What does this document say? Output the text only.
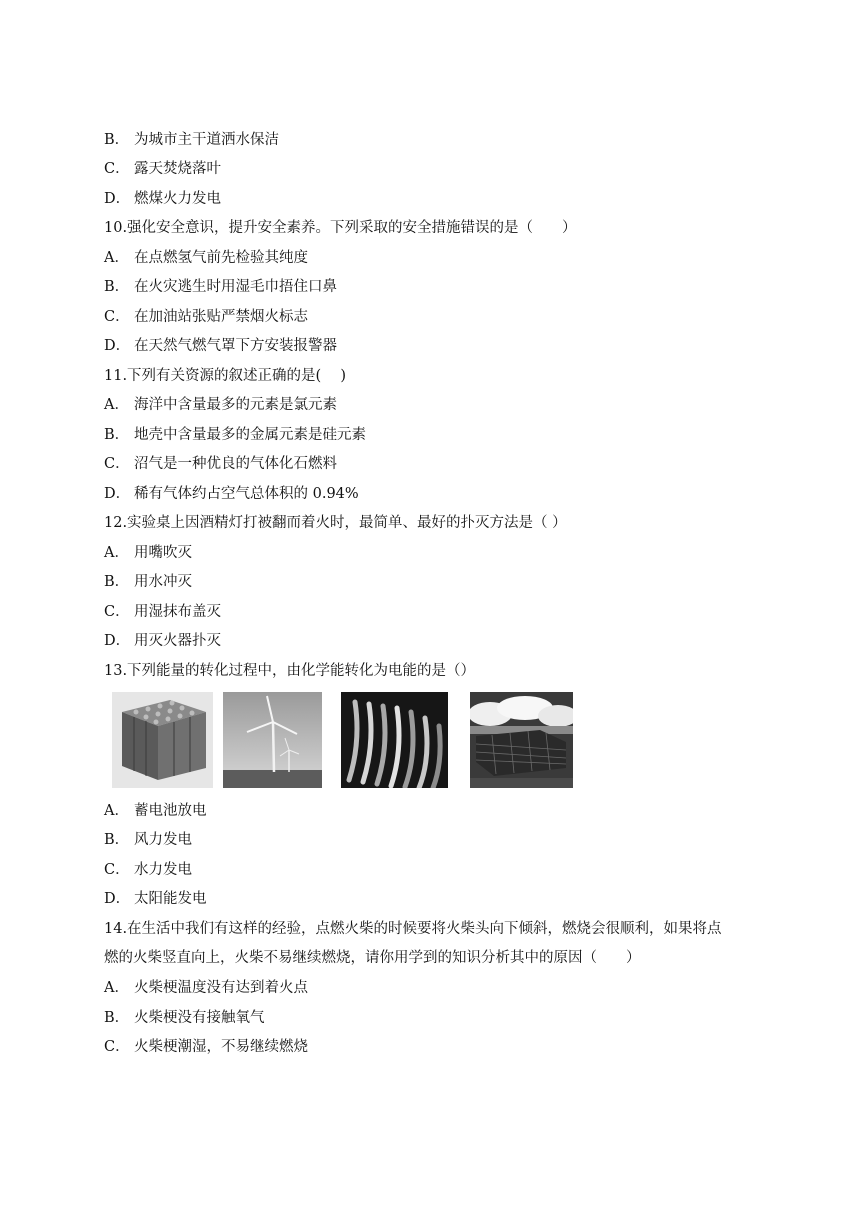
B． 为城市主干道洒水保洁
C． 露天焚烧落叶
D． 燃煤火力发电
10.强化安全意识，提升安全素养。下列采取的安全措施错误的是（　　）
A． 在点燃氢气前先检验其纯度
B． 在火灾逃生时用湿毛巾捂住口鼻
C． 在加油站张贴严禁烟火标志
D． 在天然气燃气罩下方安装报警器
11.下列有关资源的叙述正确的是(　 )
A． 海洋中含量最多的元素是氯元素
B． 地壳中含量最多的金属元素是硅元素
C． 沼气是一种优良的气体化石燃料
D． 稀有气体约占空气总体积的 0.94%
12.实验桌上因酒精灯打被翻而着火时，最简单、最好的扑灭方法是（ ）
A． 用嘴吹灭
B． 用水冲灭
C． 用湿抹布盖灭
D． 用灭火器扑灭
13.下列能量的转化过程中，由化学能转化为电能的是（）
A． 蓄电池放电
B． 风力发电
C． 水力发电
D． 太阳能发电
14.在生活中我们有这样的经验，点燃火柴的时候要将火柴头向下倾斜，燃烧会很顺利，如果将点
燃的火柴竖直向上，火柴不易继续燃烧，请你用学到的知识分析其中的原因（　　）
A． 火柴梗温度没有达到着火点
B． 火柴梗没有接触氧气
C． 火柴梗潮湿，不易继续燃烧
